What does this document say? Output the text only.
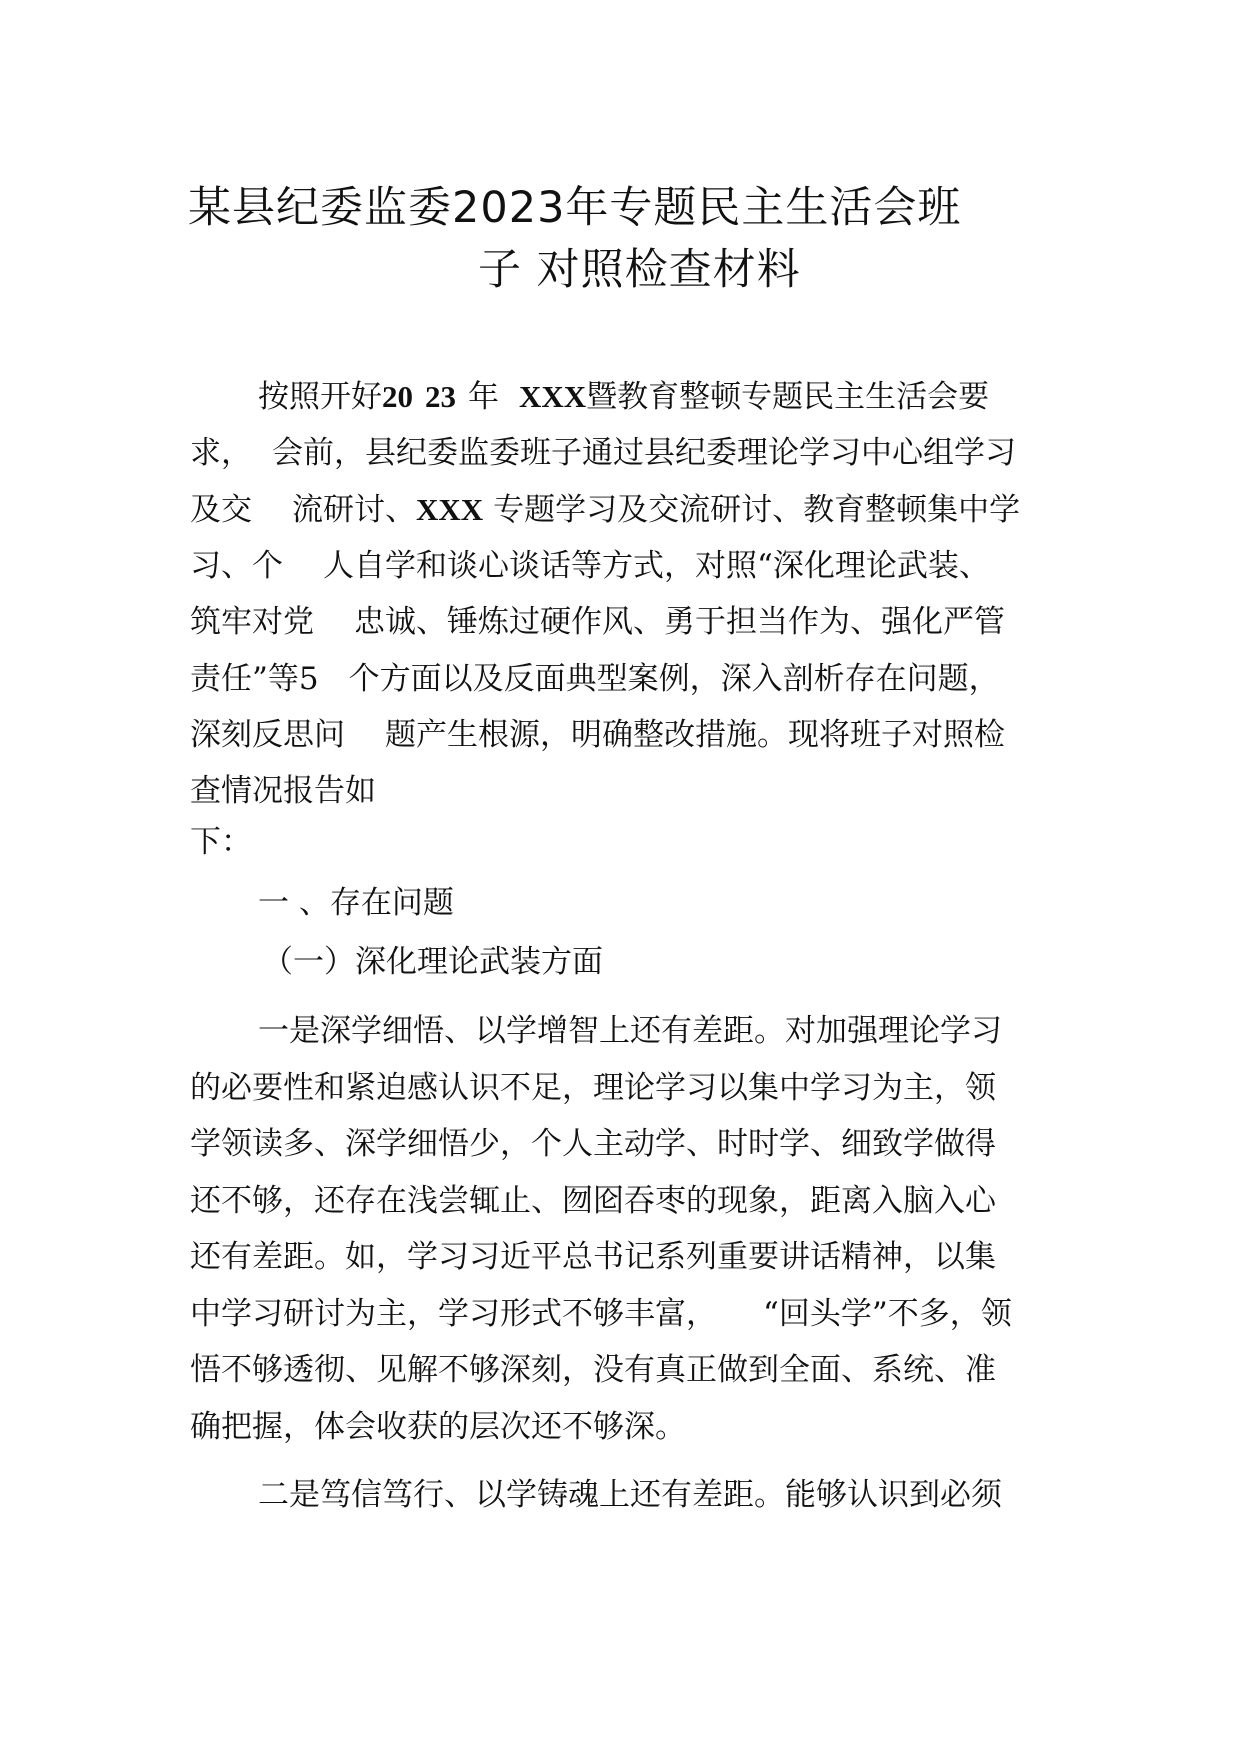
某县纪委监委2023年专题民主生活会班
子 对照检查材料
按照开好20 23 年 XXX暨教育整顿专题民主生活会要
求， 会前，县纪委监委班子通过县纪委理论学习中心组学习
及交 流研讨、XXX 专题学习及交流研讨、教育整顿集中学
习、个 人自学和谈心谈话等方式，对照“深化理论武装、
筑牢对党 忠诚、锤炼过硬作风、勇于担当作为、强化严管
责任”等5 个方面以及反面典型案例，深入剖析存在问题，
深刻反思问 题产生根源，明确整改措施。现将班子对照检
查情况报告如
下：
一 、存在问题
（一）深化理论武装方面
一是深学细悟、以学增智上还有差距。对加强理论学习
的必要性和紧迫感认识不足，理论学习以集中学习为主，领
学领读多、深学细悟少，个人主动学、时时学、细致学做得
还不够，还存在浅尝辄止、囫囵吞枣的现象，距离入脑入心
还有差距。如，学习习近平总书记系列重要讲话精神，以集
中学习研讨为主，学习形式不够丰富， “回头学”不多，领
悟不够透彻、见解不够深刻，没有真正做到全面、系统、准
确把握，体会收获的层次还不够深。
二是笃信笃行、以学铸魂上还有差距。能够认识到必须
